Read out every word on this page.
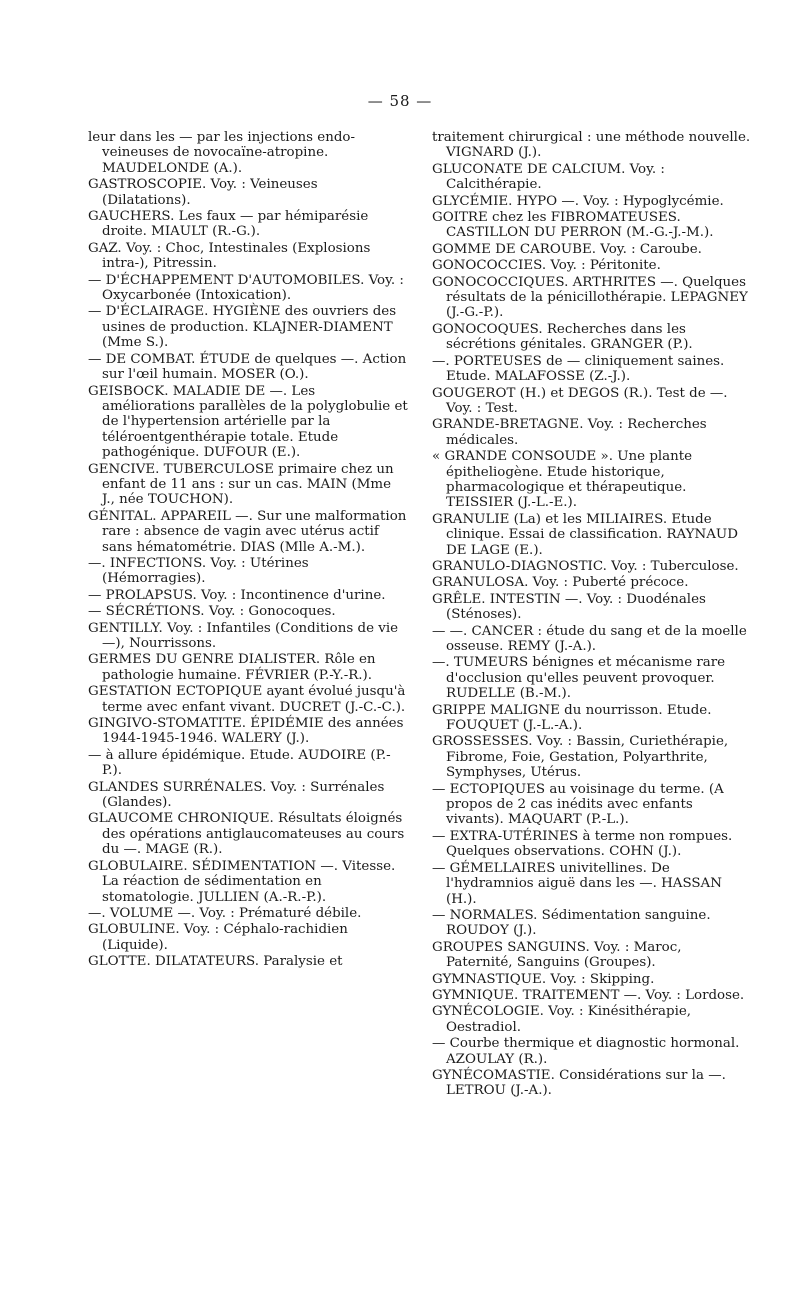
— 58 —
leur dans les — par les injections endo-veineuses de novocaïne-atropine. MAUDELONDE (A.).
GASTROSCOPIE. Voy. : Veineuses (Dilatations).
GAUCHERS. Les faux — par hémiparésie droite. MIAULT (R.-G.).
GAZ. Voy. : Choc, Intestinales (Explosions intra-), Pitressin.
— D'ÉCHAPPEMENT D'AUTOMOBILES. Voy. : Oxycarbonée (Intoxication).
— D'ÉCLAIRAGE. HYGIÈNE des ouvriers des usines de production. KLAJNER-DIAMENT (Mme S.).
— DE COMBAT. ÉTUDE de quelques —. Action sur l'œil humain. MOSER (O.).
GEISBOCK. MALADIE DE —. Les améliorations parallèles de la polyglobulie et de l'hypertension artérielle par la téléroentgenthérapie totale. Etude pathogénique. DUFOUR (E.).
GENCIVE. TUBERCULOSE primaire chez un enfant de 11 ans : sur un cas. MAIN (Mme J., née TOUCHON).
GÉNITAL. APPAREIL —. Sur une malformation rare : absence de vagin avec utérus actif sans hématométrie. DIAS (Mlle A.-M.).
—. INFECTIONS. Voy. : Utérines (Hémorragies).
— PROLAPSUS. Voy. : Incontinence d'urine.
— SÉCRÉTIONS. Voy. : Gonocoques.
GENTILLY. Voy. : Infantiles (Conditions de vie —), Nourrissons.
GERMES DU GENRE DIALISTER. Rôle en pathologie humaine. FÉVRIER (P.-Y.-R.).
GESTATION ECTOPIQUE ayant évolué jusqu'à terme avec enfant vivant. DUCRET (J.-C.-C.).
GINGIVO-STOMATITE. ÉPIDÉMIE des années 1944-1945-1946. WALERY (J.).
— à allure épidémique. Etude. AUDOIRE (P.-P.).
GLANDES SURRÉNALES. Voy. : Surrénales (Glandes).
GLAUCOME CHRONIQUE. Résultats éloignés des opérations antiglaucomateuses au cours du —. MAGE (R.).
GLOBULAIRE. SÉDIMENTATION —. Vitesse. La réaction de sédimentation en stomatologie. JULLIEN (A.-R.-P.).
—. VOLUME —. Voy. : Prématuré débile.
GLOBULINE. Voy. : Céphalo-rachidien (Liquide).
GLOTTE. DILATATEURS. Paralysie et
traitement chirurgical : une méthode nouvelle. VIGNARD (J.).
GLUCONATE DE CALCIUM. Voy. : Calcithérapie.
GLYCÉMIE. HYPO —. Voy. : Hypoglycémie.
GOITRE chez les FIBROMATEUSES. CASTILLON DU PERRON (M.-G.-J.-M.).
GOMME DE CAROUBE. Voy. : Caroube.
GONOCOCCIES. Voy. : Péritonite.
GONOCOCCIQUES. ARTHRITES —. Quelques résultats de la pénicillothérapie. LEPAGNEY (J.-G.-P.).
GONOCOQUES. Recherches dans les sécrétions génitales. GRANGER (P.).
—. PORTEUSES de — cliniquement saines. Etude. MALAFOSSE (Z.-J.).
GOUGEROT (H.) et DEGOS (R.). Test de —. Voy. : Test.
GRANDE-BRETAGNE. Voy. : Recherches médicales.
« GRANDE CONSOUDE ». Une plante épitheliogène. Etude historique, pharmacologique et thérapeutique. TEISSIER (J.-L.-E.).
GRANULIE (La) et les MILIAIRES. Etude clinique. Essai de classification. RAYNAUD DE LAGE (E.).
GRANULO-DIAGNOSTIC. Voy. : Tuberculose.
GRANULOSA. Voy. : Puberté précoce.
GRÊLE. INTESTIN —. Voy. : Duodénales (Sténoses).
— —. CANCER : étude du sang et de la moelle osseuse. REMY (J.-A.).
—. TUMEURS bénignes et mécanisme rare d'occlusion qu'elles peuvent provoquer. RUDELLE (B.-M.).
GRIPPE MALIGNE du nourrisson. Etude. FOUQUET (J.-L.-A.).
GROSSESSES. Voy. : Bassin, Curiethérapie, Fibrome, Foie, Gestation, Polyarthrite, Symphyses, Utérus.
— ECTOPIQUES au voisinage du terme. (A propos de 2 cas inédits avec enfants vivants). MAQUART (P.-L.).
— EXTRA-UTÉRINES à terme non rompues. Quelques observations. COHN (J.).
— GÉMELLAIRES univitellines. De l'hydramnios aiguë dans les —. HASSAN (H.).
— NORMALES. Sédimentation sanguine. ROUDOY (J.).
GROUPES SANGUINS. Voy. : Maroc, Paternité, Sanguins (Groupes).
GYMNASTIQUE. Voy. : Skipping.
GYMNIQUE. TRAITEMENT —. Voy. : Lordose.
GYNÉCOLOGIE. Voy. : Kinésithérapie, Oestradiol.
— Courbe thermique et diagnostic hormonal. AZOULAY (R.).
GYNÉCOMASTIE. Considérations sur la —. LETROU (J.-A.).
